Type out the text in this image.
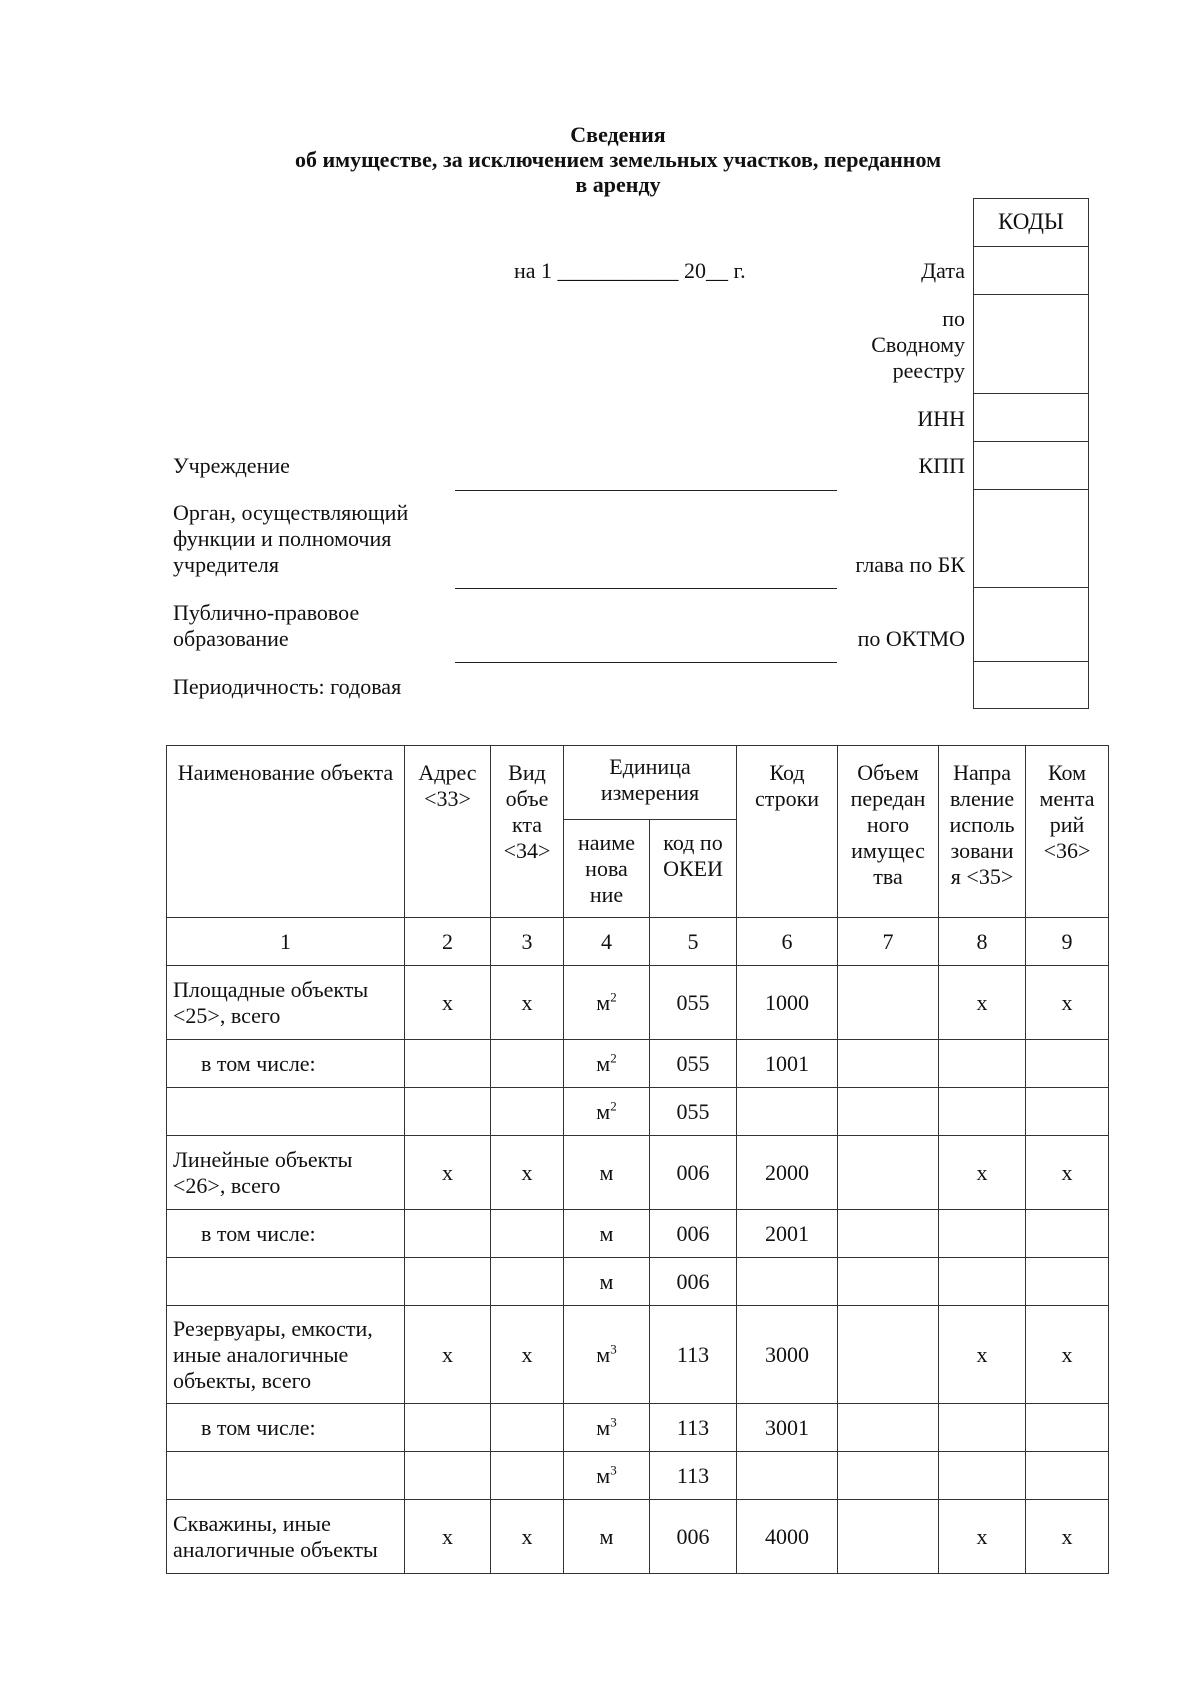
Сведения
об имуществе, за исключением земельных участков, переданном
в аренду
на 1 ___________ 20__ г.	Дата
по
Сводному
реестру
ИНН
КПП
глава по БК
по ОКТМО
КОДЫ
Учреждение
Орган, осуществляющий
функции и полномочия
учредителя
Публично-правовое
образование
Периодичность: годовая
Наименование объекта	Адрес <33>	Вид объе кта <34>	Единица измерения		Код строки	Объем передан ного имущес тва	Напра вление исполь зовани я <35>	Ком мента рий <36>
			наиме нова ние	код по ОКЕИ				
1	2	3	4	5	6	7	8	9
Площадные объекты <25>, всего	x	x	$м^2$	055	1000		x	x
в том числе:			$м^2$	055	1001			
			$м^2$	055				
Линейные объекты <26>, всего	x	x	м	006	2000		x	x
в том числе:			м	006	2001			
			м	006				
Резервуары, емкости, иные аналогичные объекты, всего	x	x	$м^3$	113	3000		x	x
в том числе:			$м^3$	113	3001			
			$м^3$	113				
Скважины, иные аналогичные объекты	x	x	м	006	4000		x	x
